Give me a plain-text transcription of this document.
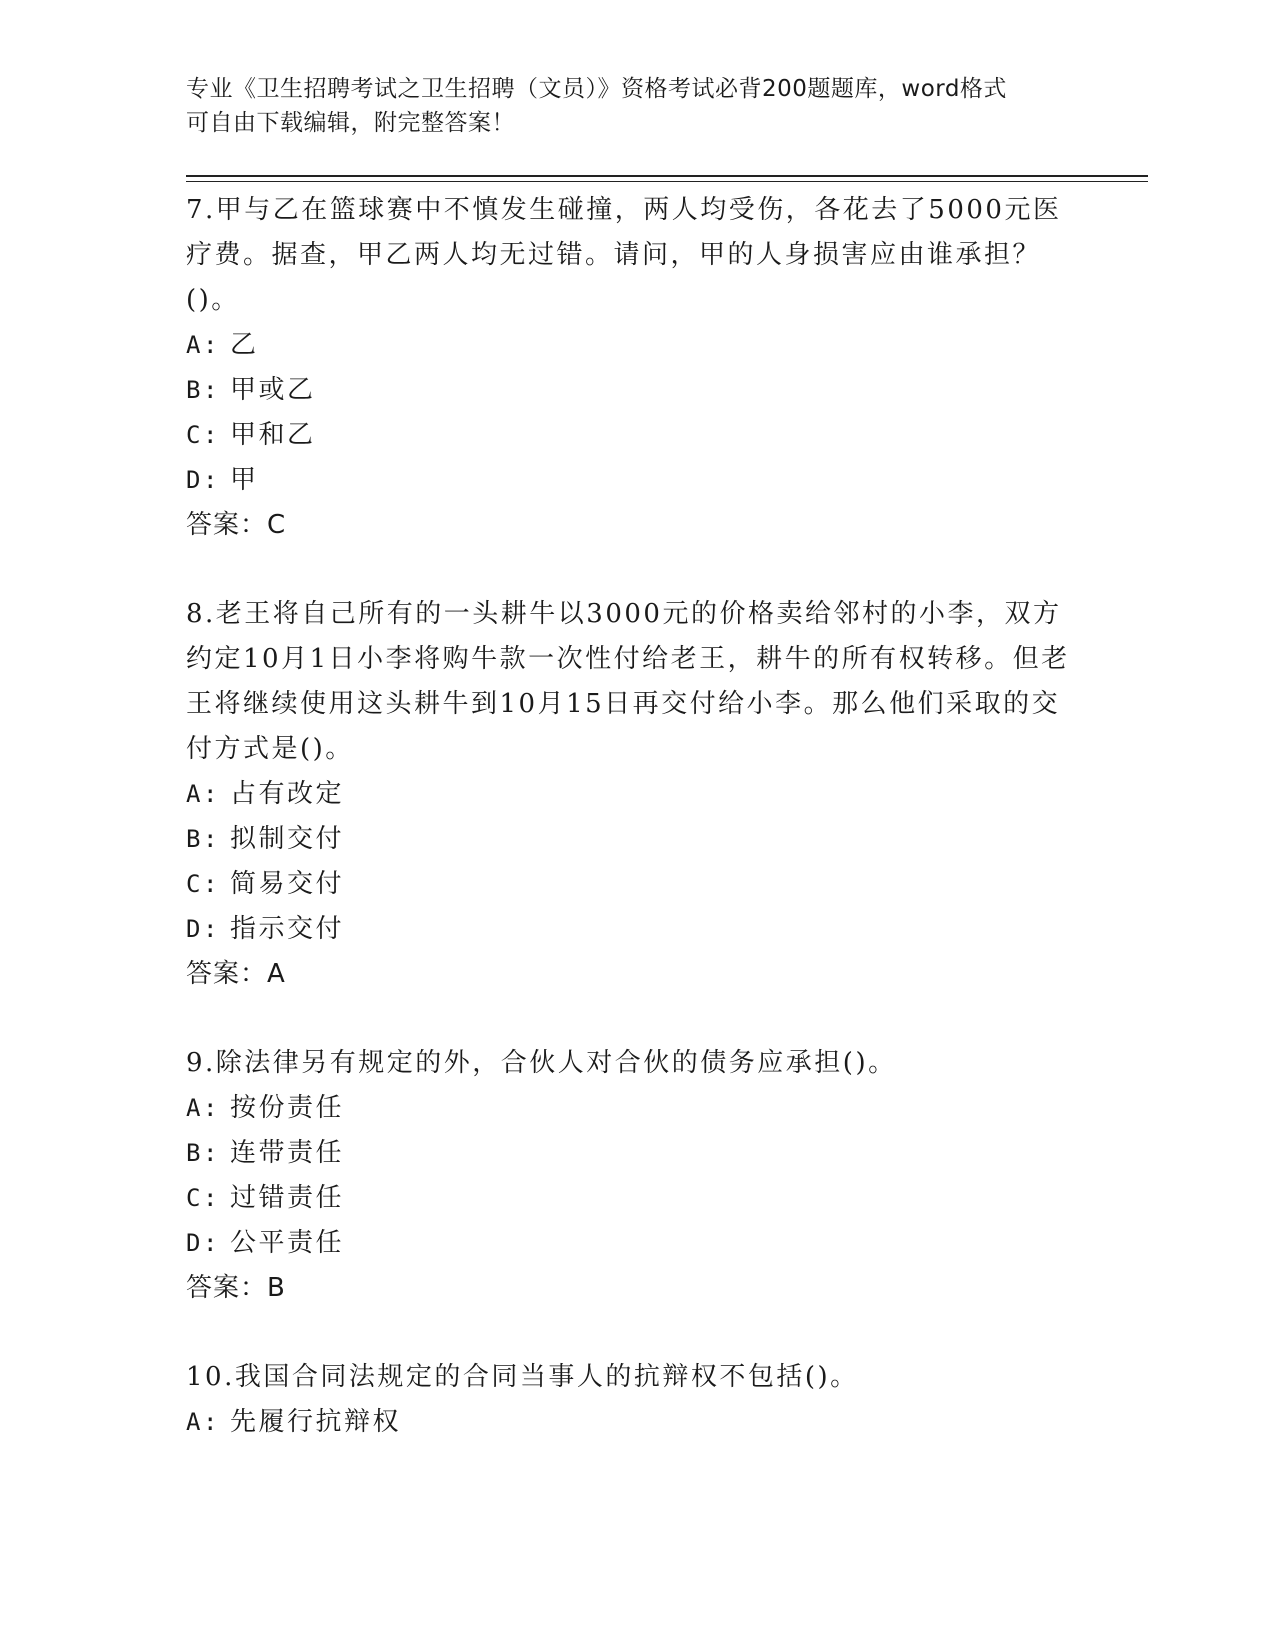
专业《卫生招聘考试之卫生招聘（文员）》资格考试必背200题题库，word格式
可自由下载编辑，附完整答案！

7.甲与乙在篮球赛中不慎发生碰撞，两人均受伤，各花去了5000元医疗费。据查，甲乙两人均无过错。请问，甲的人身损害应由谁承担？()。

A: 乙
B: 甲或乙
C: 甲和乙
D: 甲
答案：C

8.老王将自己所有的一头耕牛以3000元的价格卖给邻村的小李，双方约定10月1日小李将购牛款一次性付给老王，耕牛的所有权转移。但老王将继续使用这头耕牛到10月15日再交付给小李。那么他们采取的交付方式是()。

A: 占有改定
B: 拟制交付
C: 简易交付
D: 指示交付
答案：A

9.除法律另有规定的外，合伙人对合伙的债务应承担()。

A: 按份责任
B: 连带责任
C: 过错责任
D: 公平责任
答案：B

10.我国合同法规定的合同当事人的抗辩权不包括()。

A: 先履行抗辩权
